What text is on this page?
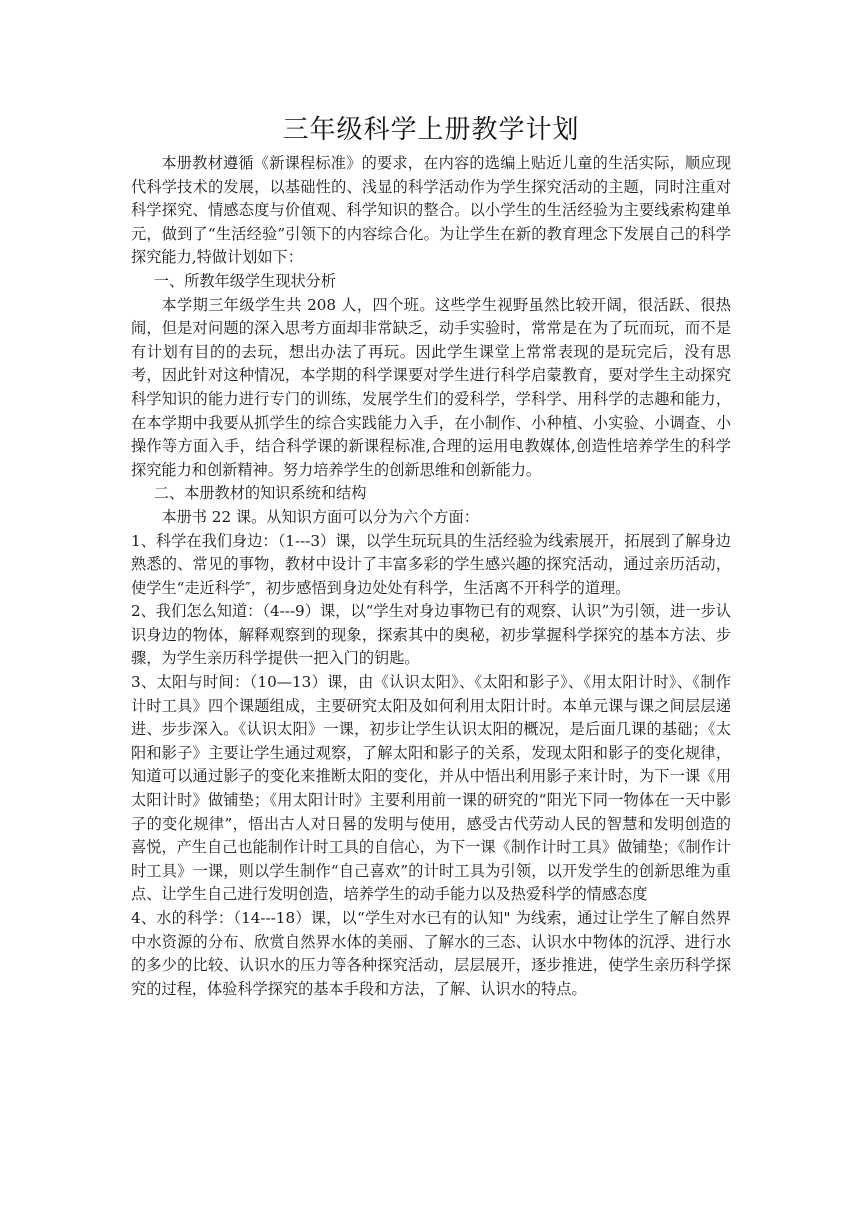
三年级科学上册教学计划

本册教材遵循《新课程标准》的要求，在内容的选编上贴近儿童的生活实际，顺应现代科学技术的发展，以基础性的、浅显的科学活动作为学生探究活动的主题，同时注重对科学探究、情感态度与价值观、科学知识的整合。以小学生的生活经验为主要线索构建单元，做到了“生活经验”引领下的内容综合化。为让学生在新的教育理念下发展自己的科学探究能力,特做计划如下：

一、所教年级学生现状分析

本学期三年级学生共 208 人，四个班。这些学生视野虽然比较开阔，很活跃、很热闹，但是对问题的深入思考方面却非常缺乏，动手实验时，常常是在为了玩而玩，而不是有计划有目的的去玩，想出办法了再玩。因此学生课堂上常常表现的是玩完后，没有思考，因此针对这种情况，本学期的科学课要对学生进行科学启蒙教育，要对学生主动探究科学知识的能力进行专门的训练，发展学生们的爱科学，学科学、用科学的志趣和能力，在本学期中我要从抓学生的综合实践能力入手，在小制作、小种植、小实验、小调查、小操作等方面入手，结合科学课的新课程标准,合理的运用电教媒体,创造性培养学生的科学探究能力和创新精神。努力培养学生的创新思维和创新能力。

二、本册教材的知识系统和结构

本册书 22 课。从知识方面可以分为六个方面：

1、科学在我们身边：（1---3）课，以学生玩玩具的生活经验为线索展开，拓展到了解身边熟悉的、常见的事物，教材中设计了丰富多彩的学生感兴趣的探究活动，通过亲历活动，使学生“走近科学″，初步感悟到身边处处有科学，生活离不开科学的道理。

2、我们怎么知道：（4---9）课，以“学生对身边事物已有的观察、认识”为引领，进一步认识身边的物体，解释观察到的现象，探索其中的奥秘，初步掌握科学探究的基本方法、步骤，为学生亲历科学提供一把入门的钥匙。

3、太阳与时间：（10—13）课，由《认识太阳》、《太阳和影子》、《用太阳计时》、《制作计时工具》四个课题组成，主要研究太阳及如何利用太阳计时。本单元课与课之间层层递进、步步深入。《认识太阳》一课，初步让学生认识太阳的概况，是后面几课的基础；《太阳和影子》主要让学生通过观察，了解太阳和影子的关系，发现太阳和影子的变化规律，知道可以通过影子的变化来推断太阳的变化，并从中悟出利用影子来计时，为下一课《用太阳计时》做铺垫；《用太阳计时》主要利用前一课的研究的“阳光下同一物体在一天中影子的变化规律”，悟出古人对日晷的发明与使用，感受古代劳动人民的智慧和发明创造的喜悦，产生自己也能制作计时工具的自信心，为下一课《制作计时工具》做铺垫；《制作计时工具》一课，则以学生制作“自己喜欢”的计时工具为引领，以开发学生的创新思维为重点、让学生自己进行发明创造，培养学生的动手能力以及热爱科学的情感态度

4、水的科学：（14---18）课，以“学生对水已有的认知" 为线索，通过让学生了解自然界中水资源的分布、欣赏自然界水体的美丽、了解水的三态、认识水中物体的沉浮、进行水的多少的比较、认识水的压力等各种探究活动，层层展开，逐步推进，使学生亲历科学探究的过程，体验科学探究的基本手段和方法，了解、认识水的特点。
